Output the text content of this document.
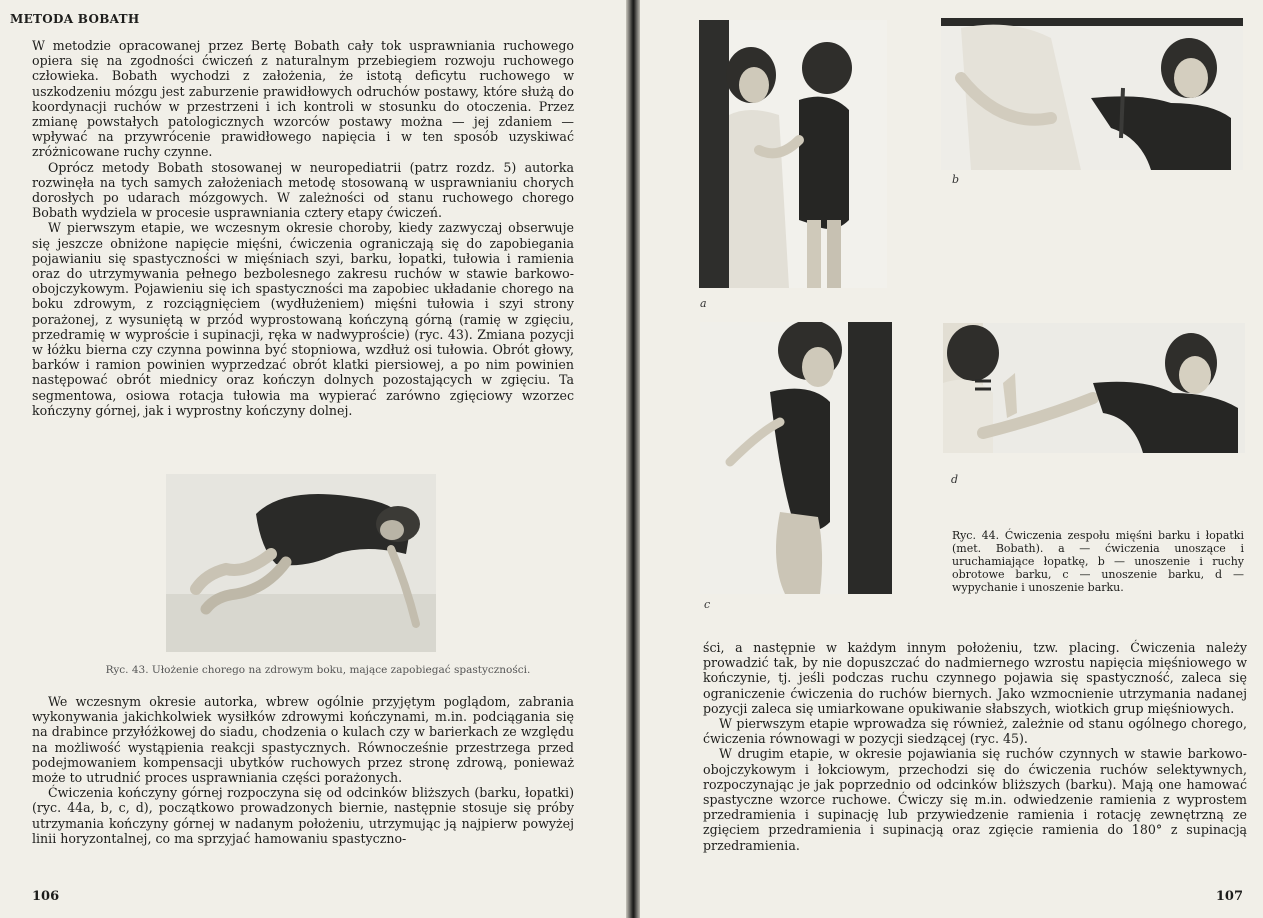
METODA BOBATH

W metodzie opracowanej przez Bertę Bobath cały tok usprawniania ruchowego opiera się na zgodności ćwiczeń z naturalnym przebiegiem rozwoju ruchowego człowieka. Bobath wychodzi z założenia, że istotą deficytu ruchowego w uszkodzeniu mózgu jest zaburzenie prawidłowych odruchów postawy, które służą do koordynacji ruchów w przestrzeni i ich kontroli w stosunku do otoczenia. Przez zmianę powstałych patologicznych wzorców postawy można — jej zdaniem — wpływać na przywrócenie prawidłowego napięcia i w ten sposób uzyskiwać zróżnicowane ruchy czynne.

Oprócz metody Bobath stosowanej w neuropediatrii (patrz rozdz. 5) autorka rozwinęła na tych samych założeniach metodę stosowaną w usprawnianiu chorych dorosłych po udarach mózgowych. W zależności od stanu ruchowego chorego Bobath wydziela w procesie usprawniania cztery etapy ćwiczeń.

W pierwszym etapie, we wczesnym okresie choroby, kiedy zazwyczaj obserwuje się jeszcze obniżone napięcie mięśni, ćwiczenia ograniczają się do zapobiegania pojawianiu się spastyczności w mięśniach szyi, barku, łopatki, tułowia i ramienia oraz do utrzymywania pełnego bezbolesnego zakresu ruchów w stawie barkowo-obojczykowym. Pojawieniu się ich spastyczności ma zapobiec układanie chorego na boku zdrowym, z rozciągnięciem (wydłużeniem) mięśni tułowia i szyi strony porażonej, z wysuniętą w przód wyprostowaną kończyną górną (ramię w zgięciu, przedramię w wyproście i supinacji, ręka w nadwyproście) (ryc. 43). Zmiana pozycji w łóżku bierna czy czynna powinna być stopniowa, wzdłuż osi tułowia. Obrót głowy, barków i ramion powinien wyprzedzać obrót klatki piersiowej, a po nim powinien następować obrót miednicy oraz kończyn dolnych pozostających w zgięciu. Ta segmentowa, osiowa rotacja tułowia ma wypierać zarówno zgięciowy wzorzec kończyny górnej, jak i wyprostny kończyny dolnej.

Ryc. 43. Ułożenie chorego na zdrowym boku, mające zapobiegać spastyczności.

We wczesnym okresie autorka, wbrew ogólnie przyjętym poglądom, zabrania wykonywania jakichkolwiek wysiłków zdrowymi kończynami, m.in. podciągania się na drabince przyłóżkowej do siadu, chodzenia o kulach czy w barierkach ze względu na możliwość wystąpienia reakcji spastycznych. Równocześnie przestrzega przed podejmowaniem kompensacji ubytków ruchowych przez stronę zdrową, ponieważ może to utrudnić proces usprawniania części porażonych.

Ćwiczenia kończyny górnej rozpoczyna się od odcinków bliższych (barku, łopatki) (ryc. 44a, b, c, d), początkowo prowadzonych biernie, następnie stosuje się próby utrzymania kończyny górnej w nadanym położeniu, utrzymując ją najpierw powyżej linii horyzontalnej, co ma sprzyjać hamowaniu spastyczno-

106
a
b
c
d
Ryc. 44. Ćwiczenia zespołu mięśni barku i łopatki (met. Bobath). a — ćwiczenia unoszące i uruchamiające łopatkę, b — unoszenie i ruchy obrotowe barku, c — unoszenie barku, d — wypychanie i unoszenie barku.

ści, a następnie w każdym innym położeniu, tzw. placing. Ćwiczenia należy prowadzić tak, by nie dopuszczać do nadmiernego wzrostu napięcia mięśniowego w kończynie, tj. jeśli podczas ruchu czynnego pojawia się spastyczność, zaleca się ograniczenie ćwiczenia do ruchów biernych. Jako wzmocnienie utrzymania nadanej pozycji zaleca się umiarkowane opukiwanie słabszych, wiotkich grup mięśniowych.

W pierwszym etapie wprowadza się również, zależnie od stanu ogólnego chorego, ćwiczenia równowagi w pozycji siedzącej (ryc. 45).

W drugim etapie, w okresie pojawiania się ruchów czynnych w stawie barkowo-obojczykowym i łokciowym, przechodzi się do ćwiczenia ruchów selektywnych, rozpoczynając je jak poprzednio od odcinków bliższych (barku). Mają one hamować spastyczne wzorce ruchowe. Ćwiczy się m.in. odwiedzenie ramienia z wyprostem przedramienia i supinację lub przywiedzenie ramienia i rotację zewnętrzną ze zgięciem przedramienia i supinacją oraz zgięcie ramienia do 180° z supinacją przedramienia.

107
